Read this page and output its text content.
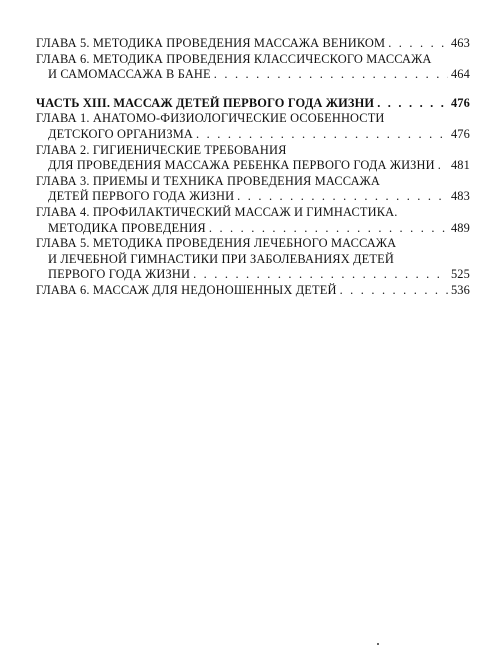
ГЛАВА 5. МЕТОДИКА ПРОВЕДЕНИЯ МАССАЖА ВЕНИКОМ . . .	463
ГЛАВА 6. МЕТОДИКА ПРОВЕДЕНИЯ КЛАССИЧЕСКОГО МАССАЖА
И САМОМАССАЖА В БАНЕ . . .	464
ЧАСТЬ XIII. МАССАЖ ДЕТЕЙ ПЕРВОГО ГОДА ЖИЗНИ . . .	476
ГЛАВА 1. АНАТОМО-ФИЗИОЛОГИЧЕСКИЕ ОСОБЕННОСТИ
ДЕТСКОГО ОРГАНИЗМА . . .	476
ГЛАВА 2. ГИГИЕНИЧЕСКИЕ ТРЕБОВАНИЯ
ДЛЯ ПРОВЕДЕНИЯ МАССАЖА РЕБЕНКА ПЕРВОГО ГОДА ЖИЗНИ . . . 481
ГЛАВА 3. ПРИЕМЫ И ТЕХНИКА ПРОВЕДЕНИЯ МАССАЖА
ДЕТЕЙ ПЕРВОГО ГОДА ЖИЗНИ . . .	483
ГЛАВА 4. ПРОФИЛАКТИЧЕСКИЙ МАССАЖ И ГИМНАСТИКА.
МЕТОДИКА ПРОВЕДЕНИЯ . . .	489
ГЛАВА 5. МЕТОДИКА ПРОВЕДЕНИЯ ЛЕЧЕБНОГО МАССАЖА
И ЛЕЧЕБНОЙ ГИМНАСТИКИ ПРИ ЗАБОЛЕВАНИЯХ ДЕТЕЙ
ПЕРВОГО ГОДА ЖИЗНИ . . .	525
ГЛАВА 6. МАССАЖ ДЛЯ НЕДОНОШЕННЫХ ДЕТЕЙ . . .	536
